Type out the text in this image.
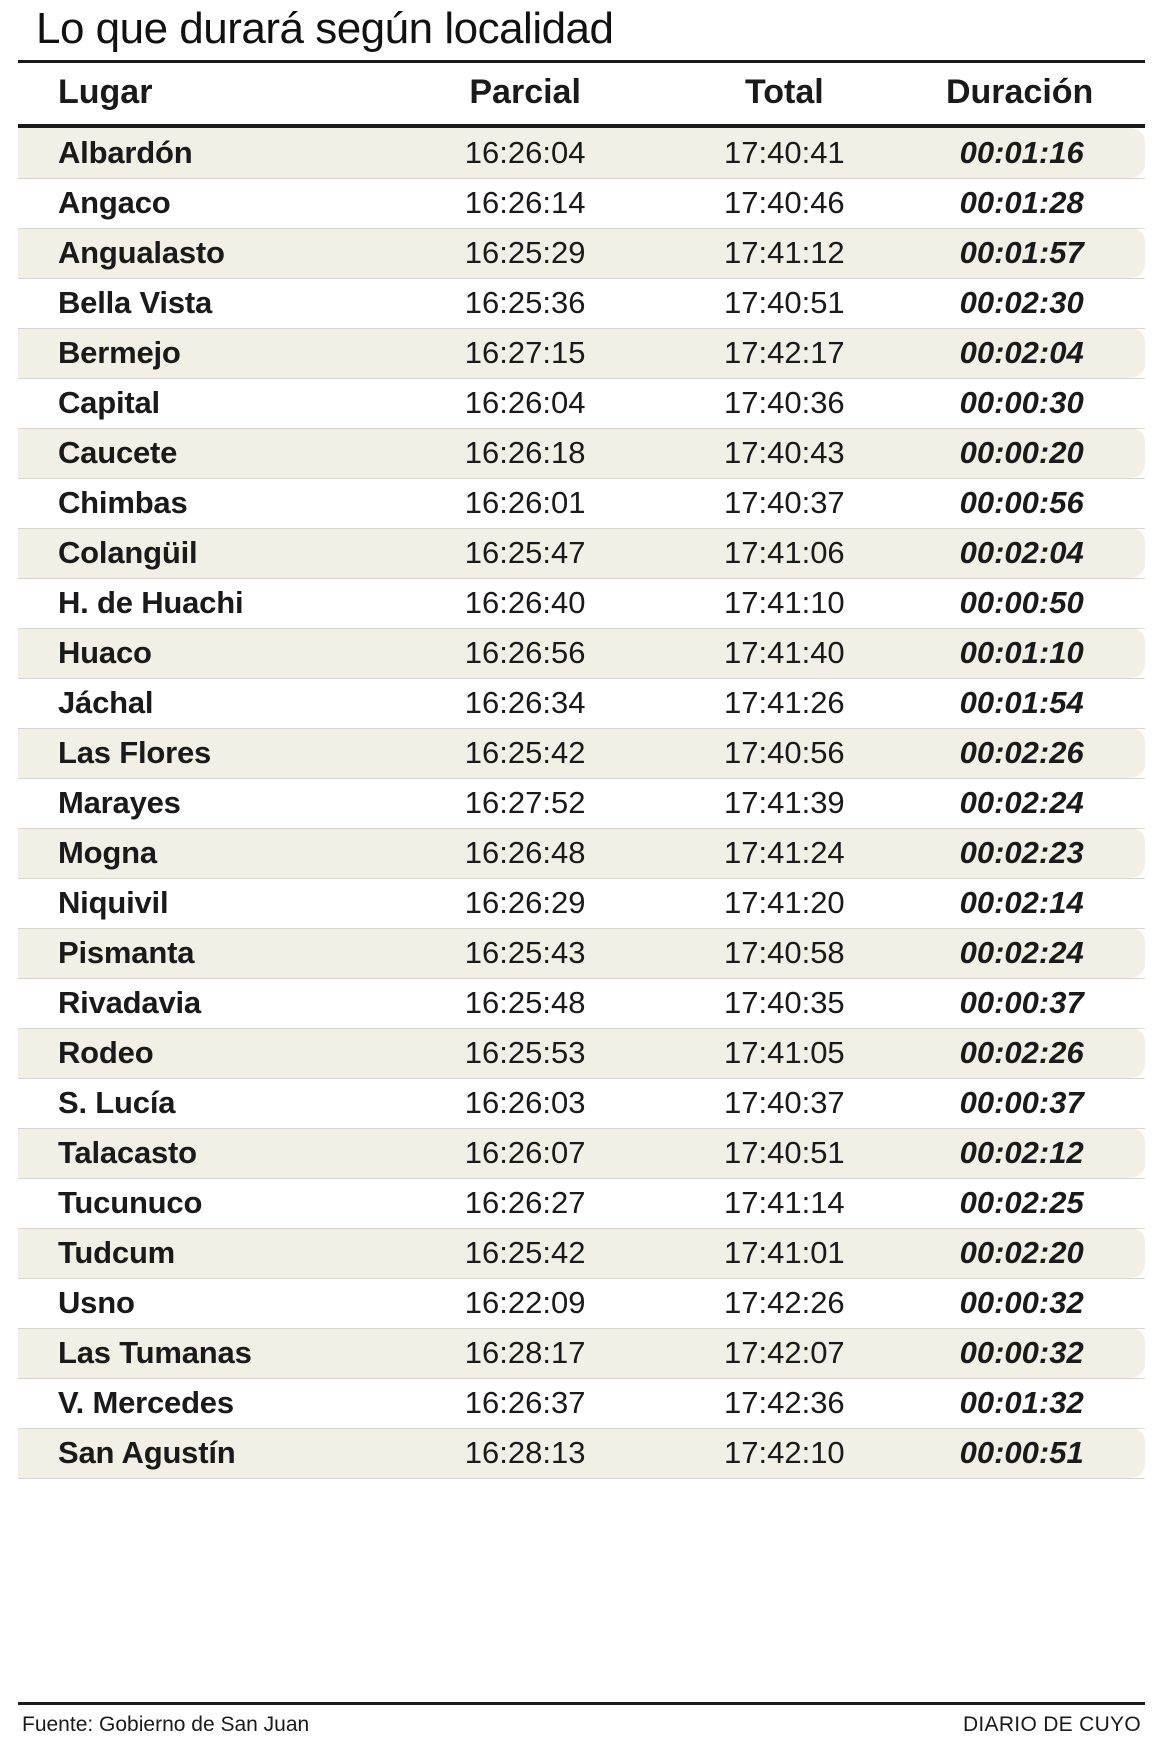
Lo que durará según localidad
Lugar	Parcial	Total	Duración

Albardón	16:26:04	17:40:41	00:01:16
Angaco	16:26:14	17:40:46	00:01:28
Angualasto	16:25:29	17:41:12	00:01:57
Bella Vista	16:25:36	17:40:51	00:02:30
Bermejo	16:27:15	17:42:17	00:02:04
Capital	16:26:04	17:40:36	00:00:30
Caucete	16:26:18	17:40:43	00:00:20
Chimbas	16:26:01	17:40:37	00:00:56
Colangüil	16:25:47	17:41:06	00:02:04
H. de Huachi	16:26:40	17:41:10	00:00:50
Huaco	16:26:56	17:41:40	00:01:10
Jáchal	16:26:34	17:41:26	00:01:54
Las Flores	16:25:42	17:40:56	00:02:26
Marayes	16:27:52	17:41:39	00:02:24
Mogna	16:26:48	17:41:24	00:02:23
Niquivil	16:26:29	17:41:20	00:02:14
Pismanta	16:25:43	17:40:58	00:02:24
Rivadavia	16:25:48	17:40:35	00:00:37
Rodeo	16:25:53	17:41:05	00:02:26
S. Lucía	16:26:03	17:40:37	00:00:37
Talacasto	16:26:07	17:40:51	00:02:12
Tucunuco	16:26:27	17:41:14	00:02:25
Tudcum	16:25:42	17:41:01	00:02:20
Usno	16:22:09	17:42:26	00:00:32
Las Tumanas	16:28:17	17:42:07	00:00:32
V. Mercedes	16:26:37	17:42:36	00:01:32
San Agustín	16:28:13	17:42:10	00:00:51
Fuente: Gobierno de San Juan	DIARIO DE CUYO
